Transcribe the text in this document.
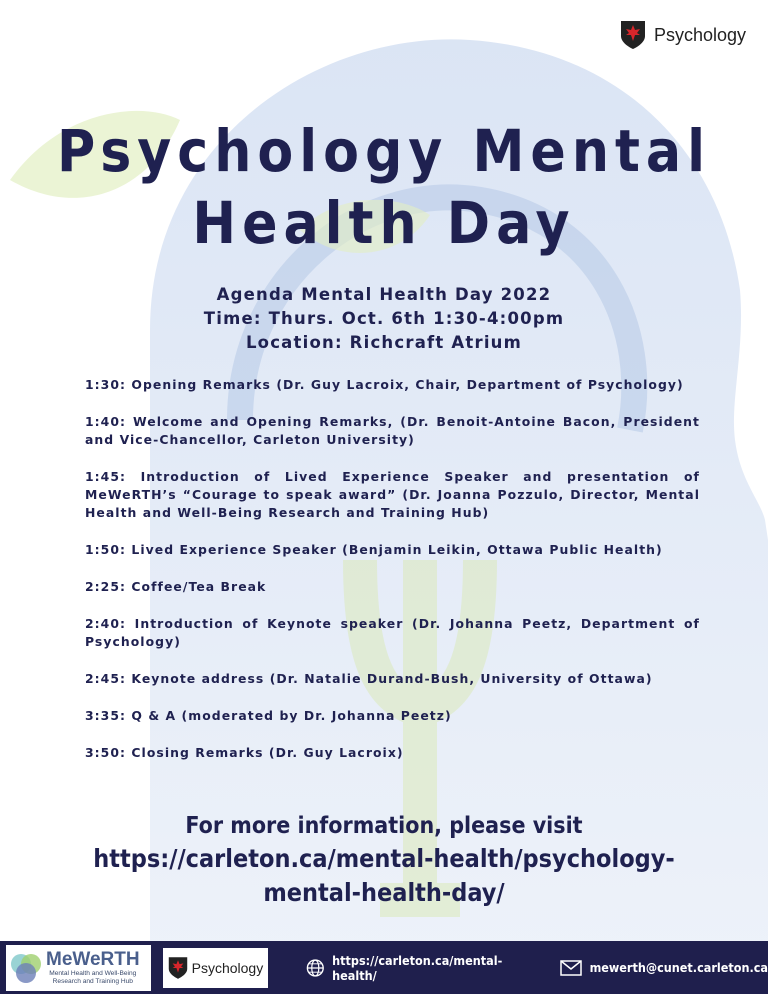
Psychology
Psychology Mental
Health Day
Agenda Mental Health Day 2022
Time: Thurs. Oct. 6th 1:30-4:00pm
Location: Richcraft Atrium

1:30: Opening Remarks (Dr. Guy Lacroix, Chair, Department of Psychology)

1:40: Welcome and Opening Remarks, (Dr. Benoit-Antoine Bacon, President and Vice-Chancellor, Carleton University)

1:45: Introduction of Lived Experience Speaker and presentation of MeWeRTH’s “Courage to speak award” (Dr. Joanna Pozzulo, Director, Mental Health and Well-Being Research and Training Hub)

1:50: Lived Experience Speaker (Benjamin Leikin, Ottawa Public Health)

2:25: Coffee/Tea Break

2:40: Introduction of Keynote speaker (Dr. Johanna Peetz, Department of Psychology)

2:45: Keynote address (Dr. Natalie Durand-Bush, University of Ottawa)

3:35: Q & A (moderated by Dr. Johanna Peetz)

3:50: Closing Remarks (Dr. Guy Lacroix)

For more information, please visit
https://carleton.ca/mental-health/psychology-mental-health-day/
MeWeRTH
Mental Health and Well-Being
Research and Training Hub
Psychology	https://carleton.ca/mental-health/	mewerth@cunet.carleton.ca
